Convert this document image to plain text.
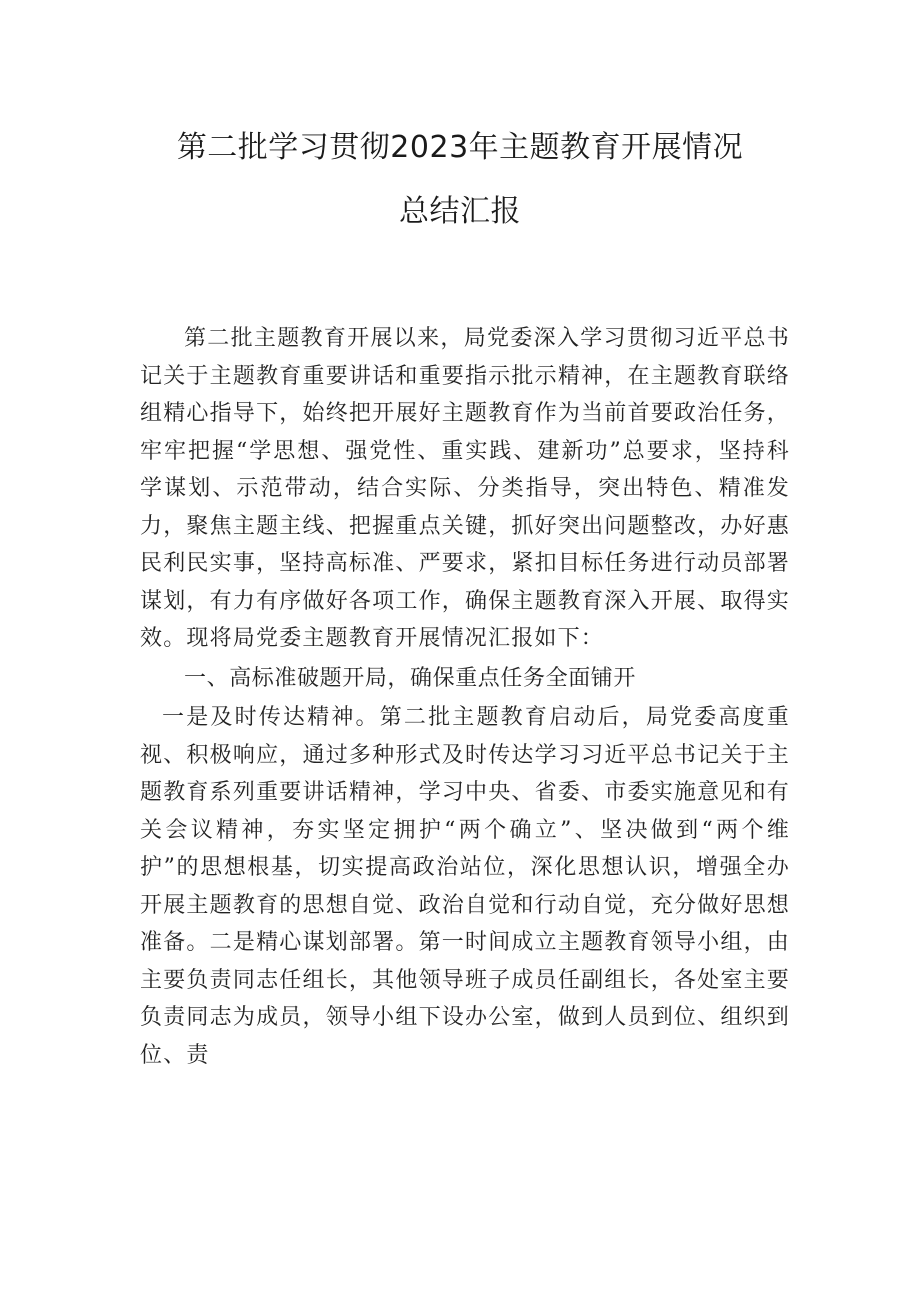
第二批学习贯彻2023年主题教育开展情况
总结汇报

第二批主题教育开展以来，局党委深入学习贯彻习近平总书记关于主题教育重要讲话和重要指示批示精神，在主题教育联络组精心指导下，始终把开展好主题教育作为当前首要政治任务，牢牢把握“学思想、强党性、重实践、建新功”总要求，坚持科学谋划、示范带动，结合实际、分类指导，突出特色、精准发力，聚焦主题主线、把握重点关键，抓好突出问题整改，办好惠民利民实事，坚持高标准、严要求，紧扣目标任务进行动员部署谋划，有力有序做好各项工作，确保主题教育深入开展、取得实效。现将局党委主题教育开展情况汇报如下：

一、高标准破题开局，确保重点任务全面铺开

一是及时传达精神。第二批主题教育启动后，局党委高度重视、积极响应，通过多种形式及时传达学习习近平总书记关于主题教育系列重要讲话精神，学习中央、省委、市委实施意见和有关会议精神，夯实坚定拥护“两个确立”、坚决做到“两个维护”的思想根基，切实提高政治站位，深化思想认识，增强全办开展主题教育的思想自觉、政治自觉和行动自觉，充分做好思想准备。二是精心谋划部署。第一时间成立主题教育领导小组，由主要负责同志任组长，其他领导班子成员任副组长，各处室主要负责同志为成员，领导小组下设办公室，做到人员到位、组织到位、责
